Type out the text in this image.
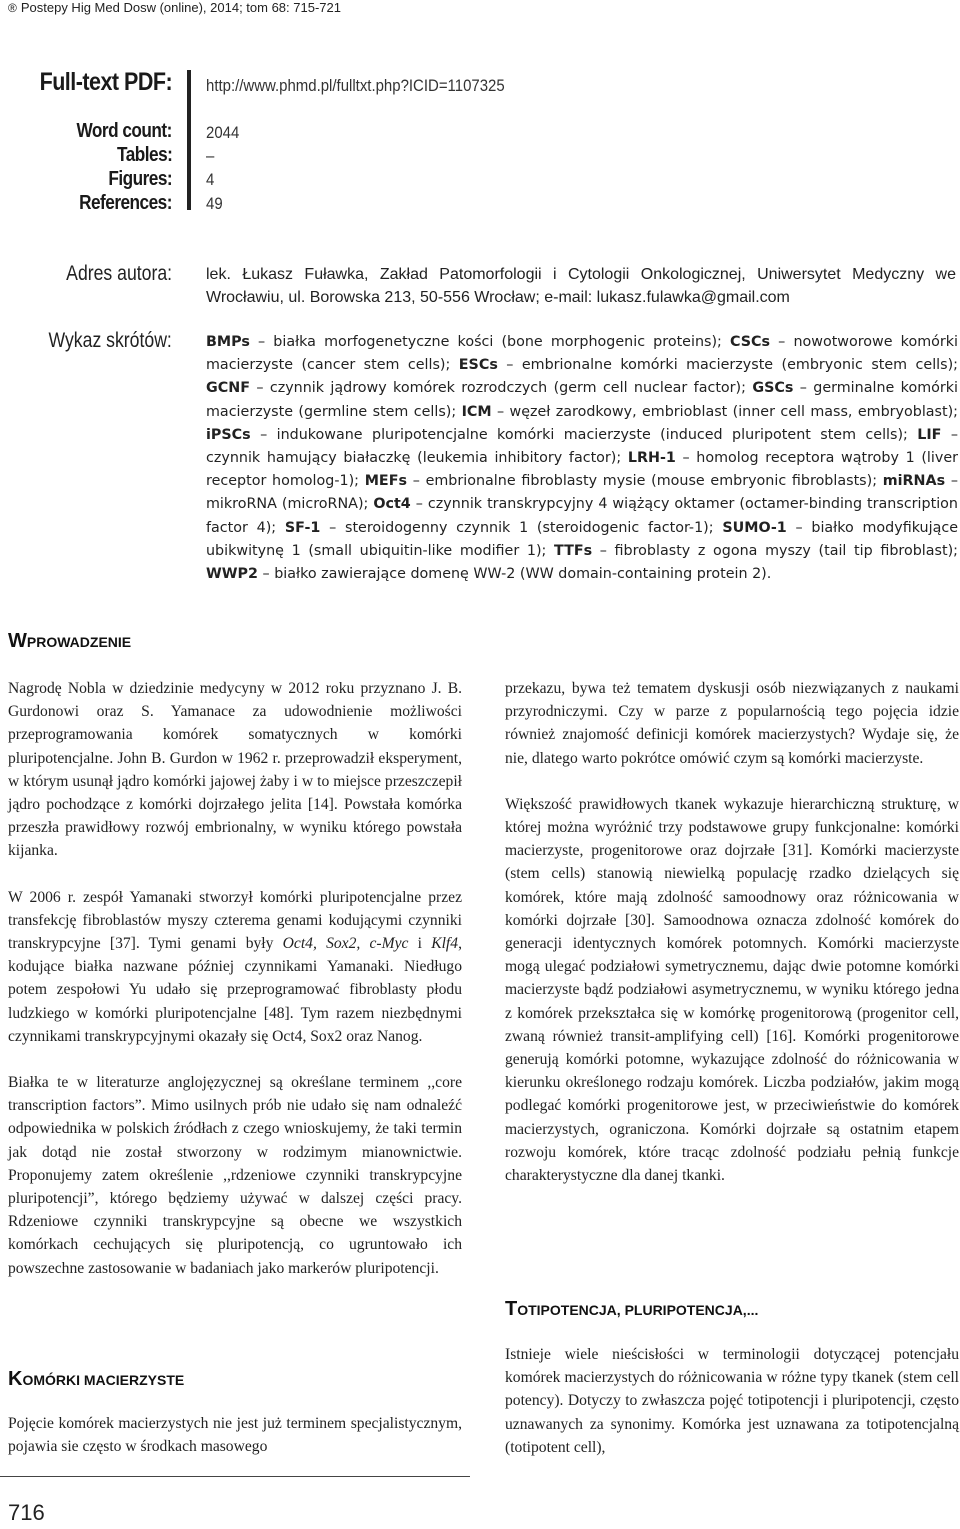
® Postepy Hig Med Dosw (online), 2014; tom 68: 715-721
Full-text PDF: http://www.phmd.pl/fulltxt.php?ICID=1107325
Word count: 2044
Tables: –
Figures: 4
References: 49
Adres autora: lek. Łukasz Fuławka, Zakład Patomorfologii i Cytologii Onkologicznej, Uniwersytet Medyczny we Wrocławiu, ul. Borowska 213, 50-556 Wrocław; e-mail: lukasz.fulawka@gmail.com
Wykaz skrótów: BMPs – białka morfogenetyczne kości (bone morphogenic proteins); CSCs – nowotworowe komórki macierzyste (cancer stem cells); ESCs – embrionalne komórki macierzyste (embryonic stem cells); GCNF – czynnik jądrowy komórek rozrodczych (germ cell nuclear factor); GSCs – germinalne komórki macierzyste (germline stem cells); ICM – węzeł zarodkowy, embrioblast (inner cell mass, embryoblast); iPSCs – indukowane pluripotencjalne komórki macierzyste (induced pluripotent stem cells); LIF – czynnik hamujący białaczkę (leukemia inhibitory factor); LRH-1 – homolog receptora wątroby 1 (liver receptor homolog-1); MEFs – embrionalne fibroblasty mysie (mouse embryonic fibroblasts); miRNAs – mikroRNA (microRNA); Oct4 – czynnik transkrypcyjny 4 wiążący oktamer (octamer-binding transcription factor 4); SF-1 – steroidogenny czynnik 1 (steroidogenic factor-1); SUMO-1 – białko modyfikujące ubikwitynę 1 (small ubiquitin-like modifier 1); TTFs – fibroblasty z ogona myszy (tail tip fibroblast); WWP2 – białko zawierające domenę WW-2 (WW domain-containing protein 2).
WPROWADZENIE

Nagrodę Nobla w dziedzinie medycyny w 2012 roku przyznano J. B. Gurdonowi oraz S. Yamanace za udowodnienie możliwości przeprogramowania komórek somatycznych w komórki pluripotencjalne. John B. Gurdon w 1962 r. przeprowadził eksperyment, w którym usunął jądro komórki jajowej żaby i w to miejsce przeszczepił jądro pochodzące z komórki dojrzałego jelita [14]. Powstała komórka przeszła prawidłowy rozwój embrionalny, w wyniku którego powstała kijanka.

W 2006 r. zespół Yamanaki stworzył komórki pluripotencjalne przez transfekcję fibroblastów myszy czterema genami kodującymi czynniki transkrypcyjne [37]. Tymi genami były Oct4, Sox2, c-Myc i Klf4, kodujące białka nazwane później czynnikami Yamanaki. Niedługo potem zespołowi Yu udało się przeprogramować fibroblasty płodu ludzkiego w komórki pluripotencjalne [48]. Tym razem niezbędnymi czynnikami transkrypcyjnymi okazały się Oct4, Sox2 oraz Nanog.

Białka te w literaturze anglojęzycznej są określane terminem ,,core transcription factors”. Mimo usilnych prób nie udało się nam odnaleźć odpowiednika w polskich źródłach z czego wnioskujemy, że taki termin jak dotąd nie został stworzony w rodzimym mianownictwie. Proponujemy zatem określenie ,,rdzeniowe czynniki transkrypcyjne pluripotencji”, którego będziemy używać w dalszej części pracy. Rdzeniowe czynniki transkrypcyjne są obecne we wszystkich komórkach cechujących się pluripotencją, co ugruntowało ich powszechne zastosowanie w badaniach jako markerów pluripotencji.

KOMÓRKI MACIERZYSTE

Pojęcie komórek macierzystych nie jest już terminem specjalistycznym, pojawia sie często w środkach masowego

przekazu, bywa też tematem dyskusji osób niezwiązanych z naukami przyrodniczymi. Czy w parze z popularnością tego pojęcia idzie również znajomość definicji komórek macierzystych? Wydaje się, że nie, dlatego warto pokrótce omówić czym są komórki macierzyste.

Większość prawidłowych tkanek wykazuje hierarchiczną strukturę, w której można wyróżnić trzy podstawowe grupy funkcjonalne: komórki macierzyste, progenitorowe oraz dojrzałe [31]. Komórki macierzyste (stem cells) stanowią niewielką populację rzadko dzielących się komórek, które mają zdolność samoodnowy oraz różnicowania w komórki dojrzałe [30]. Samoodnowa oznacza zdolność komórek do generacji identycznych komórek potomnych. Komórki macierzyste mogą ulegać podziałowi symetrycznemu, dając dwie potomne komórki macierzyste bądź podziałowi asymetrycznemu, w wyniku którego jedna z komórek przekształca się w komórkę progenitorową (progenitor cell, zwaną również transit-amplifying cell) [16]. Komórki progenitorowe generują komórki potomne, wykazujące zdolność do różnicowania w kierunku określonego rodzaju komórek. Liczba podziałów, jakim mogą podlegać komórki progenitorowe jest, w przeciwieństwie do komórek macierzystych, ograniczona. Komórki dojrzałe są ostatnim etapem rozwoju komórek, które tracąc zdolność podziału pełnią funkcje charakterystyczne dla danej tkanki.

TOTIPOTENCJA, PLURIPOTENCJA,...

Istnieje wiele nieścisłości w terminologii dotyczącej potencjału komórek macierzystych do różnicowania w różne typy tkanek (stem cell potency). Dotyczy to zwłaszcza pojęć totipotencji i pluripotencji, często uznawanych za synonimy. Komórka jest uznawana za totipotencjalną (totipotent cell),

716
